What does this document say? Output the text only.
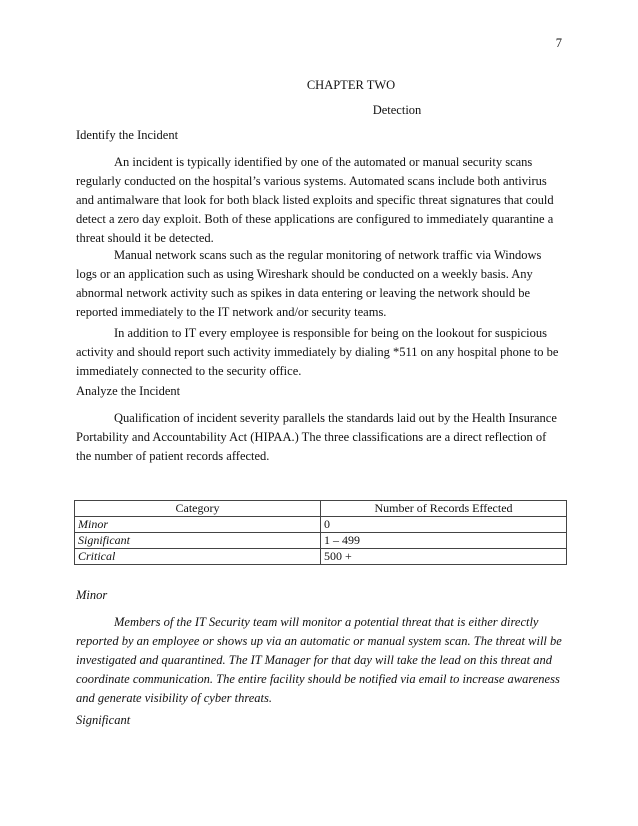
7
CHAPTER TWO
Detection

Identify the Incident

An incident is typically identified by one of the automated or manual security scans regularly conducted on the hospital’s various systems. Automated scans include both antivirus and antimalware that look for both black listed exploits and specific threat signatures that could detect a zero day exploit. Both of these applications are configured to immediately quarantine a threat should it be detected.

Manual network scans such as the regular monitoring of network traffic via Windows logs or an application such as using Wireshark should be conducted on a weekly basis. Any abnormal network activity such as spikes in data entering or leaving the network should be reported immediately to the IT network and/or security teams.

In addition to IT every employee is responsible for being on the lookout for suspicious activity and should report such activity immediately by dialing *511 on any hospital phone to be immediately connected to the security office.

Analyze the Incident

Qualification of incident severity parallels the standards laid out by the Health Insurance Portability and Accountability Act (HIPAA.) The three classifications are a direct reflection of the number of patient records affected.

Category	Number of Records Effected
Minor	0
Significant	1 – 499
Critical	500 +

Minor

Members of the IT Security team will monitor a potential threat that is either directly reported by an employee or shows up via an automatic or manual system scan. The threat will be investigated and quarantined. The IT Manager for that day will take the lead on this threat and coordinate communication. The entire facility should be notified via email to increase awareness and generate visibility of cyber threats.

Significant
